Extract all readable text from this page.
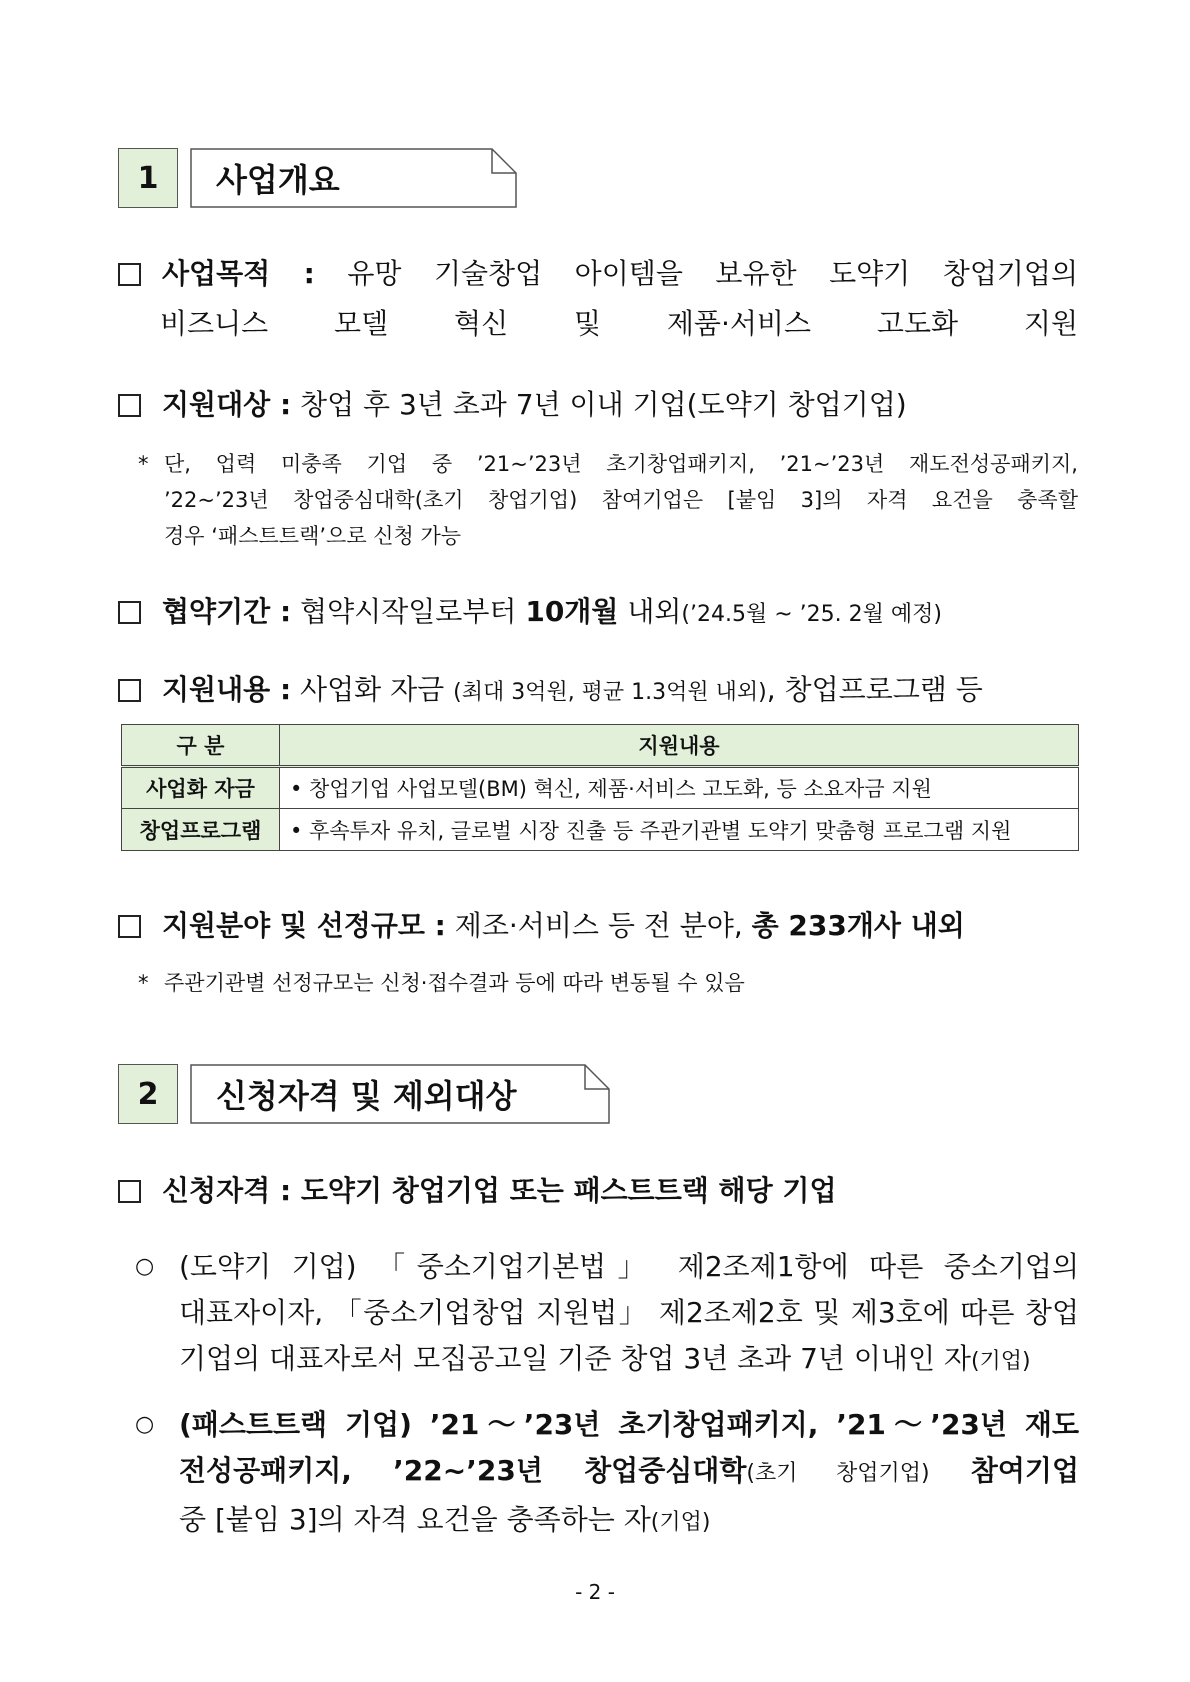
1	사업개요
사업목적 : 유망 기술창업 아이템을 보유한 도약기 창업기업의
비즈니스 모델 혁신 및 제품·서비스 고도화 지원
지원대상 : 창업 후 3년 초과 7년 이내 기업(도약기 창업기업)
* 단, 업력 미충족 기업 중 ’21~’23년 초기창업패키지, ’21~’23년 재도전성공패키지,
’22~’23년 창업중심대학(초기 창업기업) 참여기업은 [붙임 3]의 자격 요건을 충족할
경우 ‘패스트트랙’으로 신청 가능
협약기간 : 협약시작일로부터 10개월 내외(’24.5월 ~ ’25. 2월 예정)
지원내용 : 사업화 자금 (최대 3억원, 평균 1.3억원 내외), 창업프로그램 등
구 분	지원내용
사업화 자금	• 창업기업 사업모델(BM) 혁신, 제품·서비스 고도화, 등 소요자금 지원
창업프로그램	• 후속투자 유치, 글로벌 시장 진출 등 주관기관별 도약기 맞춤형 프로그램 지원
지원분야 및 선정규모 : 제조·서비스 등 전 분야, 총 233개사 내외
* 주관기관별 선정규모는 신청·접수결과 등에 따라 변동될 수 있음
2	신청자격 및 제외대상
신청자격 : 도약기 창업기업 또는 패스트트랙 해당 기업
○ (도약기 기업) 「중소기업기본법」 제2조제1항에 따른 중소기업의
대표자이자, 「중소기업창업 지원법」 제2조제2호 및 제3호에 따른 창업
기업의 대표자로서 모집공고일 기준 창업 3년 초과 7년 이내인 자(기업)
○ (패스트트랙 기업) ’21～’23년 초기창업패키지, ’21～’23년 재도
전성공패키지, ’22~’23년 창업중심대학(초기 창업기업) 참여기업
중 [붙임 3]의 자격 요건을 충족하는 자(기업)
- 2 -
